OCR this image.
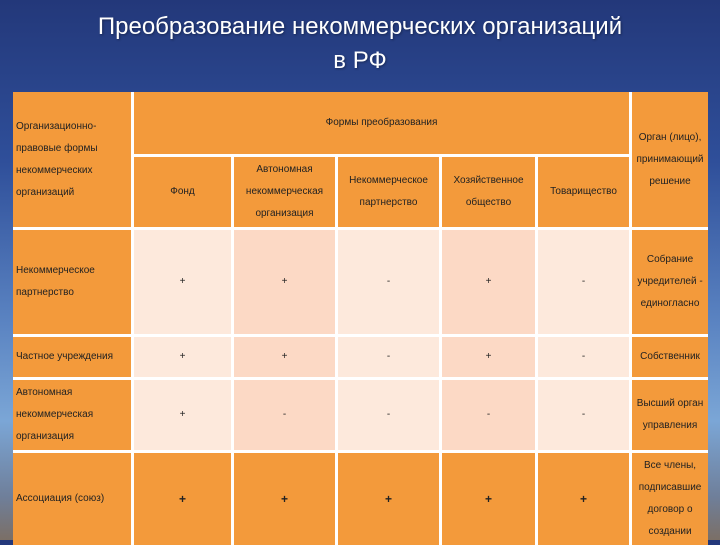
Преобразование некоммерческих организаций
в РФ
Организационно-правовые формы некоммерческих организаций	Формы преобразования					Орган (лицо), принимающий решение
	Фонд	Автономная некоммерческая организация	Некоммерческое партнерство	Хозяйственное общество	Товарищество	
Некоммерческое партнерство	+	+	-	+	-	Собрание учредителей - единогласно
Частное учреждения	+	+	-	+	-	Собственник
Автономная некоммерческая организация	+	-	-	-	-	Высший орган управления
Ассоциация (союз)	+	+	+	+	+	Все члены, подписавшие договор о создании
